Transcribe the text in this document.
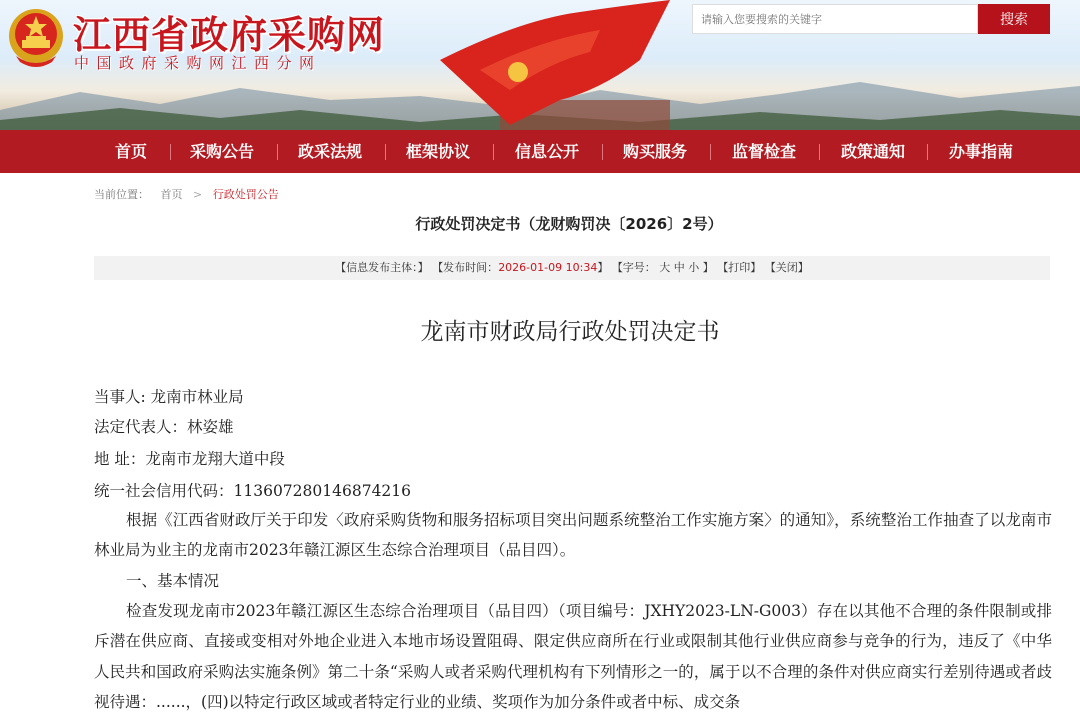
江西省政府采购网
中国政府采购网江西分网
请输入您要搜索的关键字
搜索
首页	采购公告	政采法规	框架协议	信息公开	购买服务	监督检查	政策通知	办事指南
当前位置： 首页 > 行政处罚公告
行政处罚决定书（龙财购罚决〔2026〕2号）
【信息发布主体：】 【发布时间：2026-01-09 10:34】 【字号： 大 中 小 】 【打印】 【关闭】
龙南市财政局行政处罚决定书
当事人: 龙南市林业局
法定代表人：林姿雄
地 址：龙南市龙翔大道中段
统一社会信用代码：113607280146874216
根据《江西省财政厅关于印发〈政府采购货物和服务招标项目突出问题系统整治工作实施方案〉的通知》，系统整治工作抽查了以龙南市林业局为业主的龙南市2023年赣江源区生态综合治理项目（品目四）。
一、基本情况
检查发现龙南市2023年赣江源区生态综合治理项目（品目四）（项目编号：JXHY2023-LN-G003）存在以其他不合理的条件限制或排斥潜在供应商、直接或变相对外地企业进入本地市场设置阻碍、限定供应商所在行业或限制其他行业供应商参与竞争的行为，违反了《中华人民共和国政府采购法实施条例》第二十条“采购人或者采购代理机构有下列情形之一的，属于以不合理的条件对供应商实行差别待遇或者歧视待遇：......，(四)以特定行政区域或者特定行业的业绩、奖项作为加分条件或者中标、成交条
